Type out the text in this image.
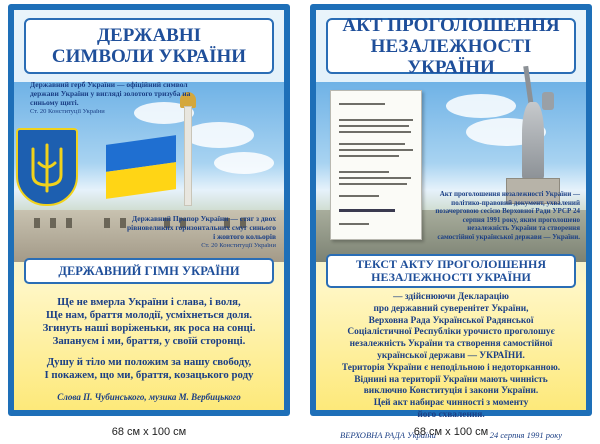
ДЕРЖАВНІ
СИМВОЛИ УКРАЇНИ
Державний герб України — офіційний символ держави України у вигляді золотого тризуба на синьому щиті.
Ст. 20 Конституції України
Державний Прапор України — стяг з двох рівновеликих горизонтальних смуг синього і жовтого кольорів
Ст. 20 Конституції України
ДЕРЖАВНИЙ ГІМН УКРАЇНИ

Ще не вмерла України і слава, і воля,

Ще нам, браття молодії, усміхнеться доля.

Згинуть наші воріженьки, як роса на сонці.

Запануєм і ми, браття, у своїй сторонці.

Душу й тіло ми положим за нашу свободу,

І покажем, що ми, браття, козацького роду

Слова П. Чубинського, музика М. Вербицького

АКТ ПРОГОЛОШЕННЯ
НЕЗАЛЕЖНОСТІ УКРАЇНИ
Акт проголошення незалежності України — політико-правовий документ, ухвалений позачерговою сесією Верховної Ради УРСР 24 серпня 1991 року, яким проголошено незалежність України та створення самостійної української держави — України.
ТЕКСТ АКТУ ПРОГОЛОШЕННЯ
НЕЗАЛЕЖНОСТІ УКРАЇНИ

— здійснюючи Декларацію

про державний суверенітет України,

Верховна Рада Української Радянської

Соціалістичної Республіки урочисто проголошує

незалежність України та створення самостійної

української держави — УКРАЇНИ.

Територія України є неподільною і недоторканною.

Віднині на території України мають чинність

виключно Конституція і закони України.

Цей акт набирає чинності з моменту

його схвалення.

ВЕРХОВНА РАДА України	24 серпня 1991 року
68 см x 100 см	68 см x 100 см
